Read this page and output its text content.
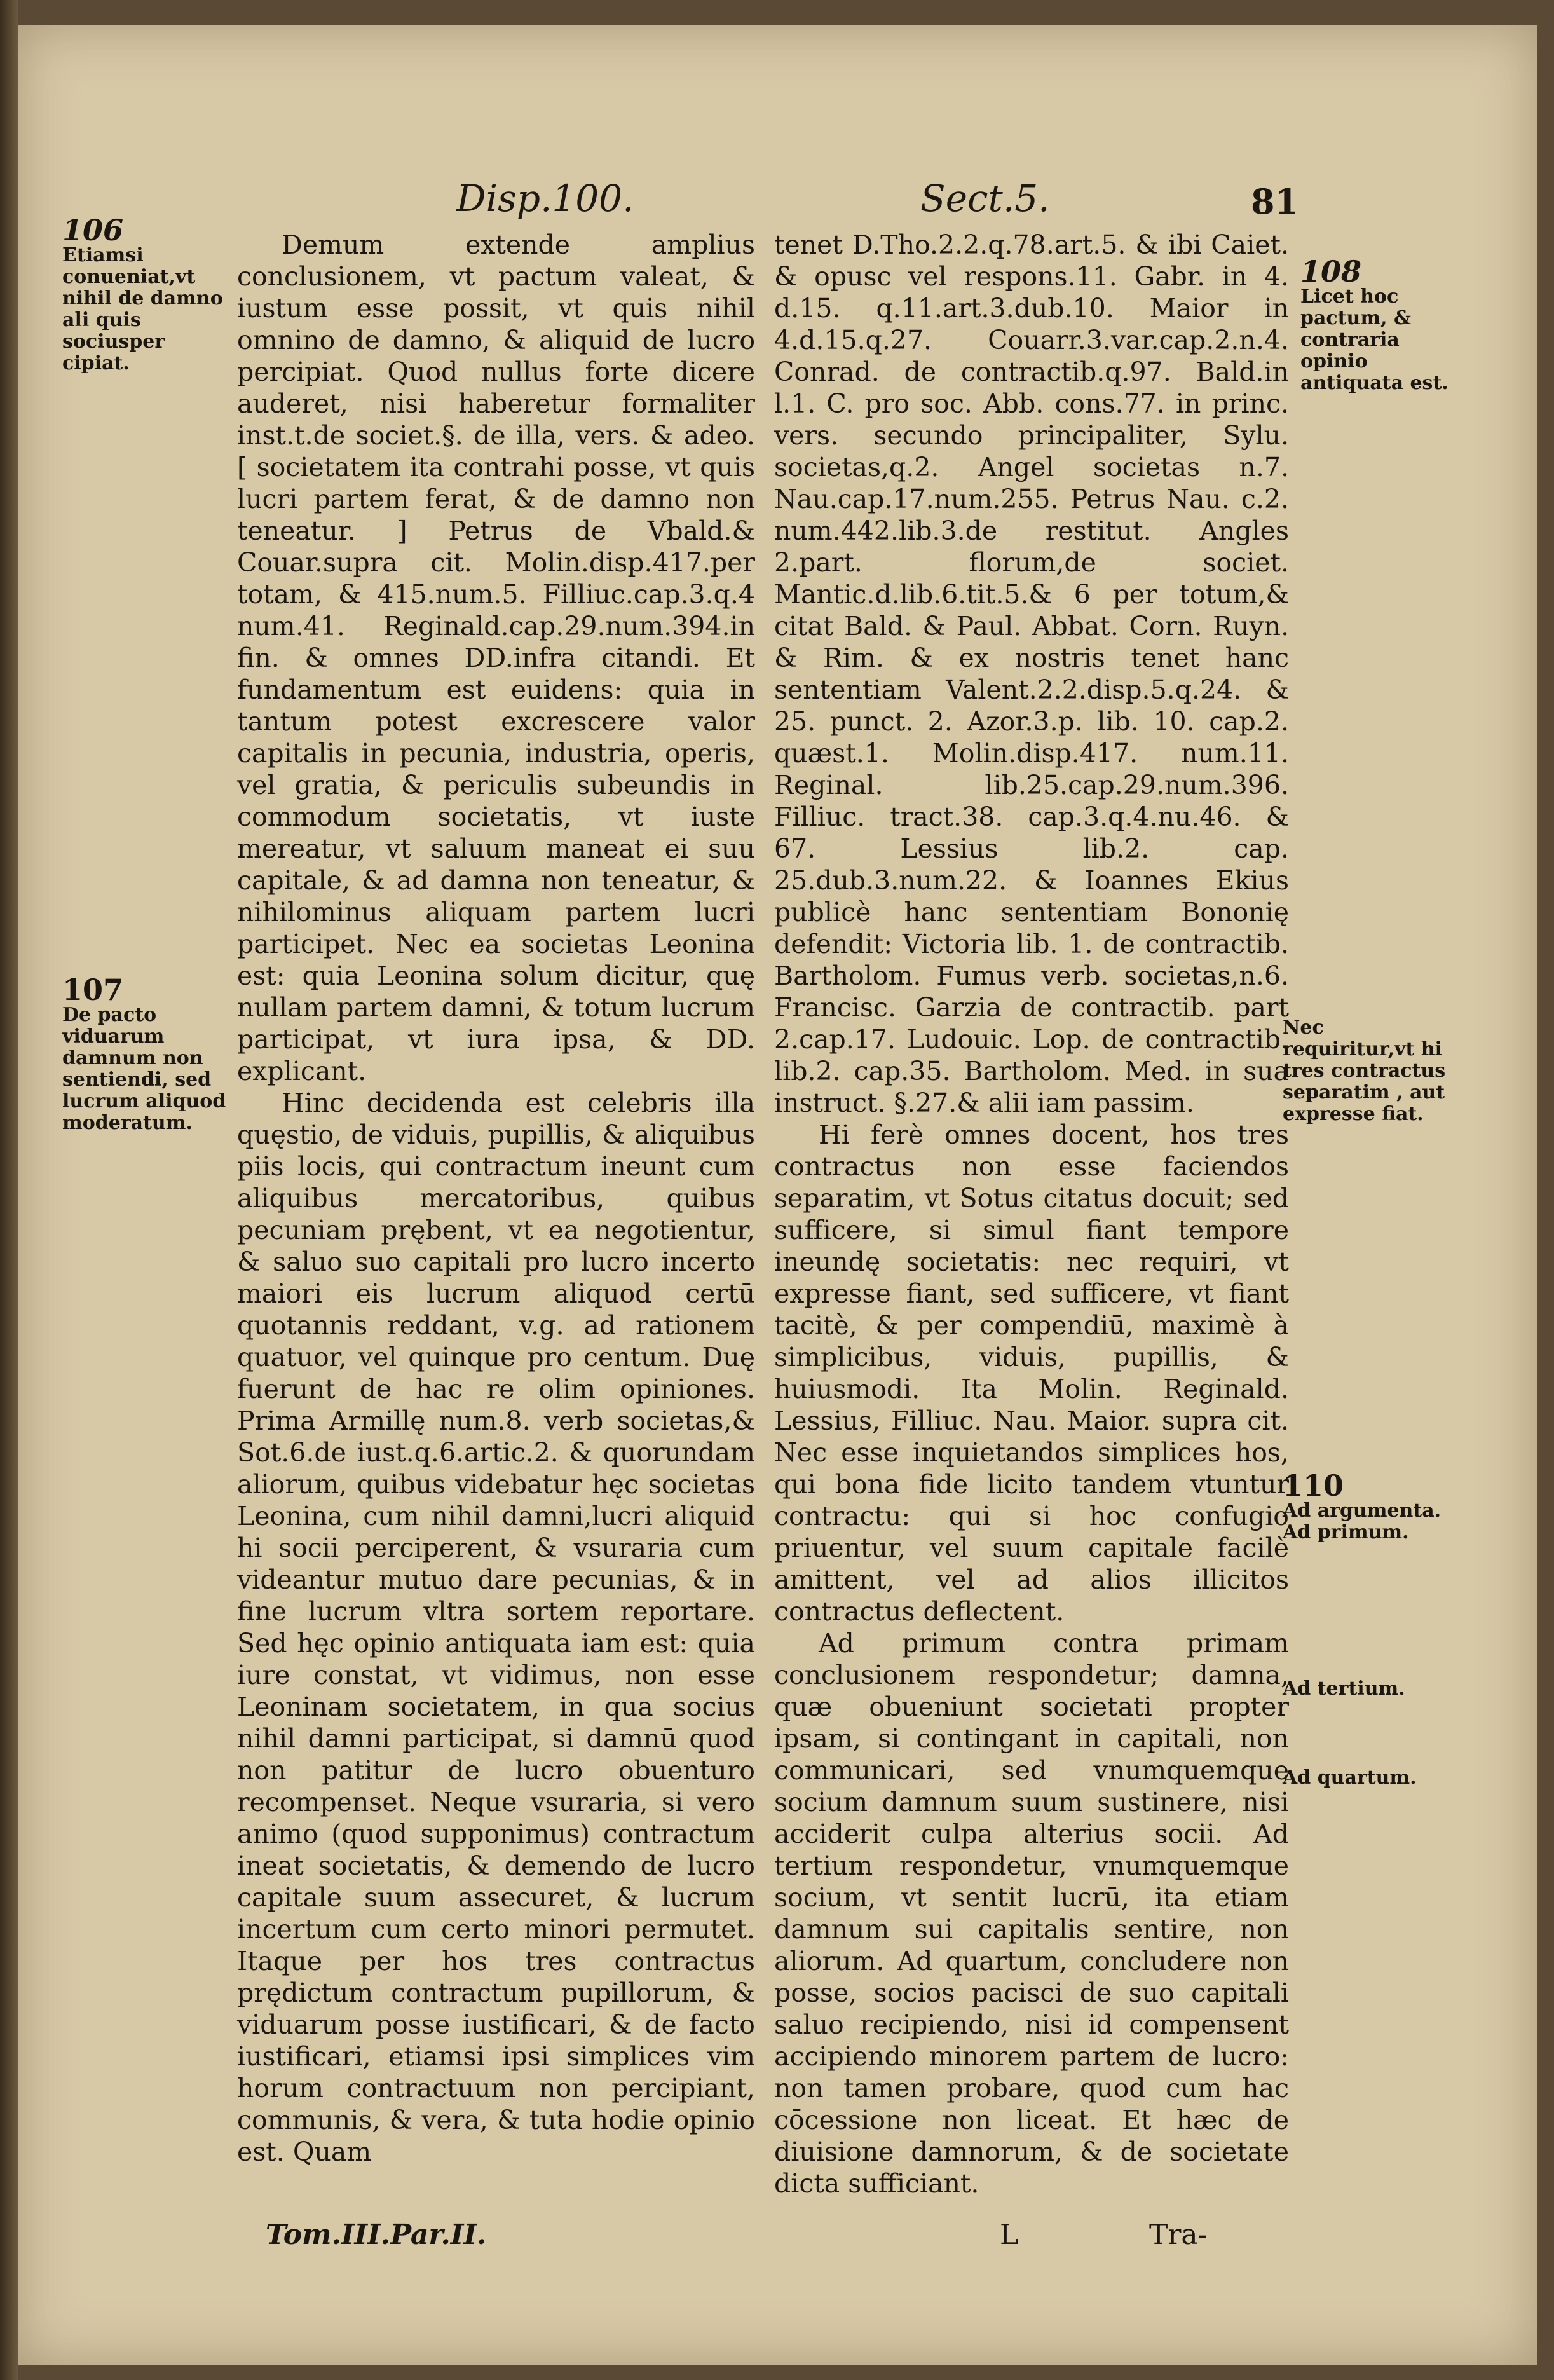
Disp.100.	Sect.5.	81
106
Etiamsi conueniat,vt nihil de damno ali quis sociusper cipiat.
107
De pacto viduarum damnum non sentiendi, sed lucrum aliquod moderatum.

Demum extende amplius conclusionem, vt pactum valeat, & iustum esse possit, vt quis nihil omnino de damno, & aliquid de lucro percipiat. Quod nullus forte dicere auderet, nisi haberetur formaliter inst.t.de societ.§. de illa, vers. & adeo. [ societatem ita contrahi posse, vt quis lucri partem ferat, & de damno non teneatur. ] Petrus de Vbald.& Couar.supra cit. Molin.disp.417.per totam, & 415.num.5. Filliuc.cap.3.q.4 num.41. Reginald.cap.29.num.394.in fin. & omnes DD.infra citandi. Et fundamentum est euidens: quia in tantum potest excrescere valor capitalis in pecunia, industria, operis, vel gratia, & periculis subeundis in commodum societatis, vt iuste mereatur, vt saluum maneat ei suu capitale, & ad damna non teneatur, & nihilominus aliquam partem lucri participet. Nec ea societas Leonina est: quia Leonina solum dicitur, quę nullam partem damni, & totum lucrum participat, vt iura ipsa, & DD. explicant.

Hinc decidenda est celebris illa quęstio, de viduis, pupillis, & aliquibus piis locis, qui contractum ineunt cum aliquibus mercatoribus, quibus pecuniam prębent, vt ea negotientur, & saluo suo capitali pro lucro incerto maiori eis lucrum aliquod certū quotannis reddant, v.g. ad rationem quatuor, vel quinque pro centum. Duę fuerunt de hac re olim opiniones. Prima Armillę num.8. verb societas,& Sot.6.de iust.q.6.artic.2. & quorundam aliorum, quibus videbatur hęc societas Leonina, cum nihil damni,lucri aliquid hi socii perciperent, & vsuraria cum videantur mutuo dare pecunias, & in fine lucrum vltra sortem reportare. Sed hęc opinio antiquata iam est: quia iure constat, vt vidimus, non esse Leoninam societatem, in qua socius nihil damni participat, si damnū quod non patitur de lucro obuenturo recompenset. Neque vsuraria, si vero animo (quod supponimus) contractum ineat societatis, & demendo de lucro capitale suum assecuret, & lucrum incertum cum certo minori permutet. Itaque per hos tres contractus prędictum contractum pupillorum, & viduarum posse iustificari, & de facto iustificari, etiamsi ipsi simplices vim horum contractuum non percipiant, communis, & vera, & tuta hodie opinio est. Quam

tenet D.Tho.2.2.q.78.art.5. & ibi Caiet. & opusc vel respons.11. Gabr. in 4. d.15. q.11.art.3.dub.10. Maior in 4.d.15.q.27. Couarr.3.var.cap.2.n.4. Conrad. de contractib.q.97. Bald.in l.1. C. pro soc. Abb. cons.77. in princ. vers. secundo principaliter, Sylu. societas,q.2. Angel societas n.7. Nau.cap.17.num.255. Petrus Nau. c.2. num.442.lib.3.de restitut. Angles 2.part. florum,de societ. Mantic.d.lib.6.tit.5.& 6 per totum,& citat Bald. & Paul. Abbat. Corn. Ruyn. & Rim. & ex nostris tenet hanc sententiam Valent.2.2.disp.5.q.24. & 25. punct. 2. Azor.3.p. lib. 10. cap.2. quæst.1. Molin.disp.417. num.11. Reginal. lib.25.cap.29.num.396. Filliuc. tract.38. cap.3.q.4.nu.46. & 67. Lessius lib.2. cap. 25.dub.3.num.22. & Ioannes Ekius publicè hanc sententiam Bononię defendit: Victoria lib. 1. de contractib. Bartholom. Fumus verb. societas,n.6. Francisc. Garzia de contractib. part 2.cap.17. Ludouic. Lop. de contractib. lib.2. cap.35. Bartholom. Med. in sua instruct. §.27.& alii iam passim.

Hi ferè omnes docent, hos tres contractus non esse faciendos separatim, vt Sotus citatus docuit; sed sufficere, si simul fiant tempore ineundę societatis: nec requiri, vt expresse fiant, sed sufficere, vt fiant tacitè, & per compendiū, maximè à simplicibus, viduis, pupillis, & huiusmodi. Ita Molin. Reginald. Lessius, Filliuc. Nau. Maior. supra cit. Nec esse inquietandos simplices hos, qui bona fide licito tandem vtuntur contractu: qui si hoc confugio priuentur, vel suum capitale facilè amittent, vel ad alios illicitos contractus deflectent.

Ad primum contra primam conclusionem respondetur; damna, quæ obueniunt societati propter ipsam, si contingant in capitali, non communicari, sed vnumquemque socium damnum suum sustinere, nisi acciderit culpa alterius socii. Ad tertium respondetur, vnumquemque socium, vt sentit lucrū, ita etiam damnum sui capitalis sentire, non aliorum. Ad quartum, concludere non posse, socios pacisci de suo capitali saluo recipiendo, nisi id compensent accipiendo minorem partem de lucro: non tamen probare, quod cum hac cōcessione non liceat. Et hæc de diuisione damnorum, & de societate dicta sufficiant.

108
Licet hoc pactum, & contraria opinio antiquata est.
Nec requiritur,vt hi tres contractus separatim , aut expresse fiat.
110
Ad argumenta. Ad primum.
Ad tertium.
Ad quartum.
Tom.III.Par.II.	L	Tra-
